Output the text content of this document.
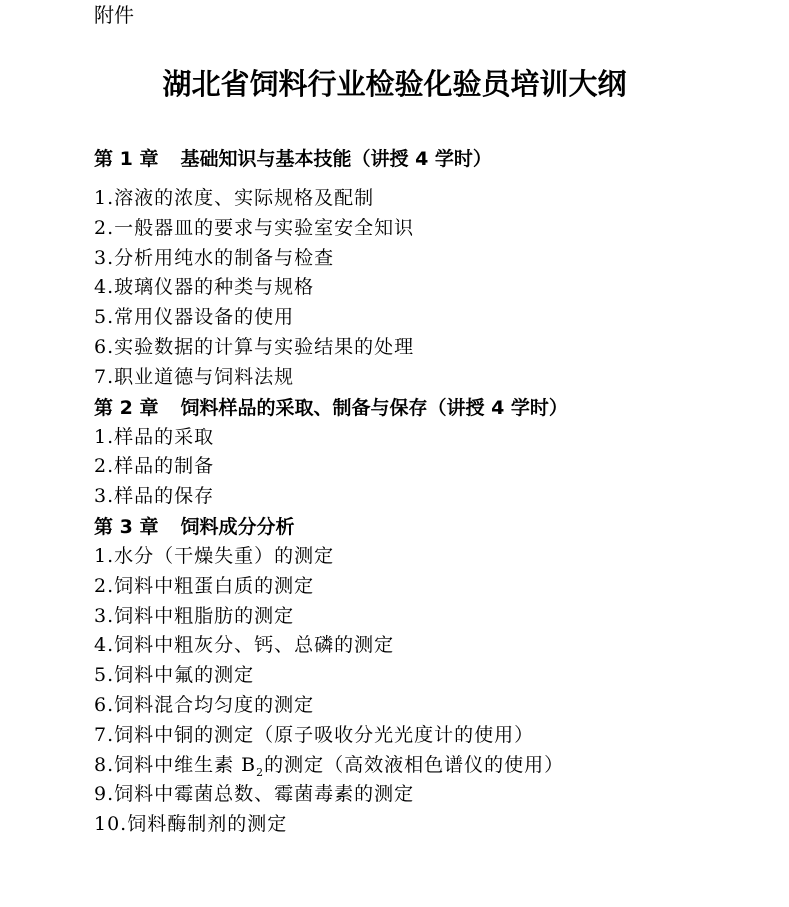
附件
湖北省饲料行业检验化验员培训大纲
第 1 章 基础知识与基本技能（讲授 4 学时）
1.溶液的浓度、实际规格及配制
2.一般器皿的要求与实验室安全知识
3.分析用纯水的制备与检查
4.玻璃仪器的种类与规格
5.常用仪器设备的使用
6.实验数据的计算与实验结果的处理
7.职业道德与饲料法规
第 2 章 饲料样品的采取、制备与保存（讲授 4 学时）
1.样品的采取
2.样品的制备
3.样品的保存
第 3 章 饲料成分分析
1.水分（干燥失重）的测定
2.饲料中粗蛋白质的测定
3.饲料中粗脂肪的测定
4.饲料中粗灰分、钙、总磷的测定
5.饲料中氟的测定
6.饲料混合均匀度的测定
7.饲料中铜的测定（原子吸收分光光度计的使用）
8.饲料中维生素 $B_2$的测定（高效液相色谱仪的使用）
9.饲料中霉菌总数、霉菌毒素的测定
10.饲料酶制剂的测定
